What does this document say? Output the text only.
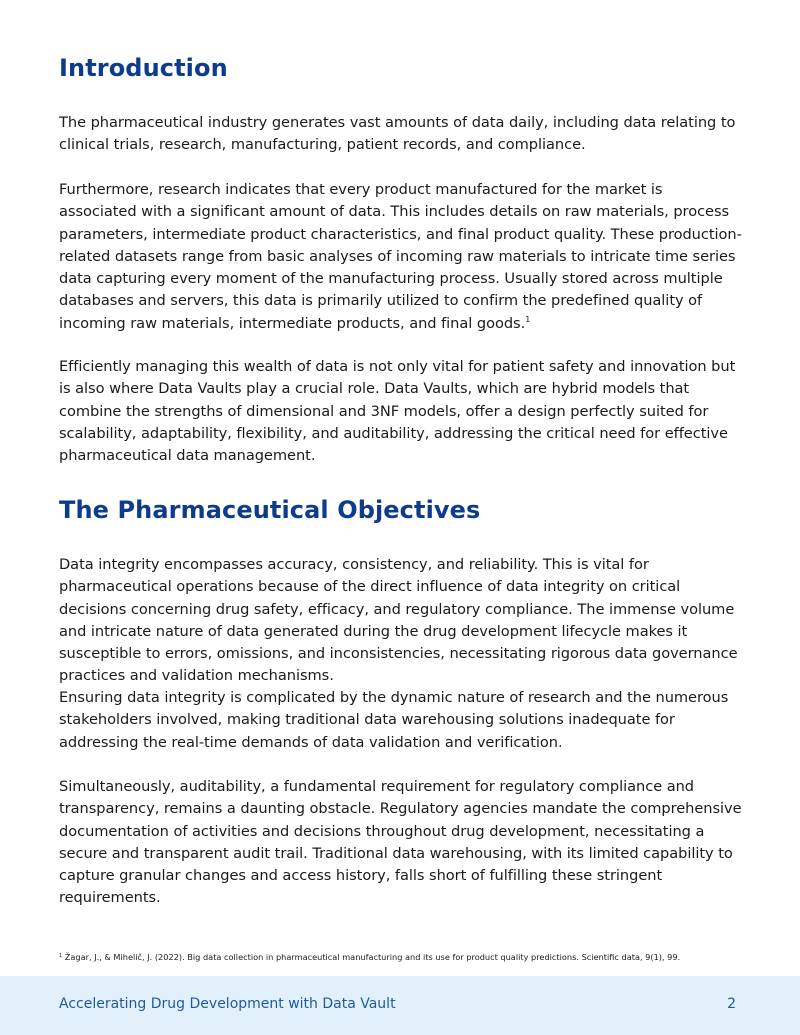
Introduction

The pharmaceutical industry generates vast amounts of data daily, including data relating to clinical trials, research, manufacturing, patient records, and compliance.

Furthermore, research indicates that every product manufactured for the market is associated with a significant amount of data. This includes details on raw materials, process parameters, intermediate product characteristics, and final product quality. These production-related datasets range from basic analyses of incoming raw materials to intricate time series data capturing every moment of the manufacturing process. Usually stored across multiple databases and servers, this data is primarily utilized to confirm the predefined quality of incoming raw materials, intermediate products, and final goods.$^1$

Efficiently managing this wealth of data is not only vital for patient safety and innovation but is also where Data Vaults play a crucial role. Data Vaults, which are hybrid models that combine the strengths of dimensional and 3NF models, offer a design perfectly suited for scalability, adaptability, flexibility, and auditability, addressing the critical need for effective pharmaceutical data management.

The Pharmaceutical Objectives

Data integrity encompasses accuracy, consistency, and reliability. This is vital for pharmaceutical operations because of the direct influence of data integrity on critical decisions concerning drug safety, efficacy, and regulatory compliance. The immense volume and intricate nature of data generated during the drug development lifecycle makes it susceptible to errors, omissions, and inconsistencies, necessitating rigorous data governance practices and validation mechanisms.

Ensuring data integrity is complicated by the dynamic nature of research and the numerous stakeholders involved, making traditional data warehousing solutions inadequate for addressing the real-time demands of data validation and verification.

Simultaneously, auditability, a fundamental requirement for regulatory compliance and transparency, remains a daunting obstacle. Regulatory agencies mandate the comprehensive documentation of activities and decisions throughout drug development, necessitating a secure and transparent audit trail. Traditional data warehousing, with its limited capability to capture granular changes and access history, falls short of fulfilling these stringent requirements.

$^1$ Žagar, J., & Mihelič, J. (2022). Big data collection in pharmaceutical manufacturing and its use for product quality predictions. Scientific data, 9(1), 99.
Accelerating Drug Development with Data Vault	2
